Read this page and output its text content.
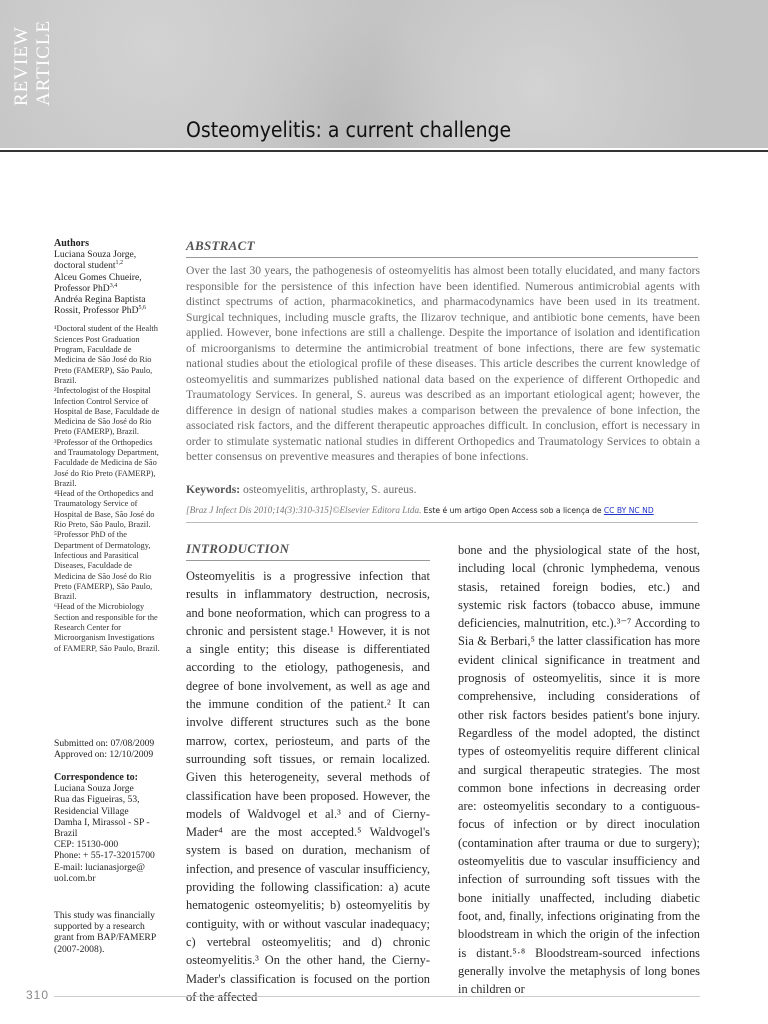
REVIEW ARTICLE
Osteomyelitis: a current challenge

Authors

Luciana Souza Jorge, doctoral student$^{1,2}$

Alceu Gomes Chueire, Professor PhD$^{3,4}$

Andréa Regina Baptista Rossit, Professor PhD$^{5,6}$

¹Doctoral student of the Health Sciences Post Graduation Program, Faculdade de Medicina de São José do Rio Preto (FAMERP), São Paulo, Brazil.

²Infectologist of the Hospital Infection Control Service of Hospital de Base, Faculdade de Medicina de São José do Rio Preto (FAMERP), Brazil.

³Professor of the Orthopedics and Traumatology Department, Faculdade de Medicina de São José do Rio Preto (FAMERP), Brazil.

⁴Head of the Orthopedics and Traumatology Service of Hospital de Base, São José do Rio Preto, São Paulo, Brazil.

⁵Professor PhD of the Department of Dermatology, Infectious and Parasitical Diseases, Faculdade de Medicina de São José do Rio Preto (FAMERP), São Paulo, Brazil.

⁶Head of the Microbiology Section and responsible for the Research Center for Microorganism Investigations of FAMERP, São Paulo, Brazil.

Submitted on: 07/08/2009

Approved on: 12/10/2009

Correspondence to:

Luciana Souza Jorge

Rua das Figueiras, 53,

Residencial Village

Damha I, Mirassol - SP -

Brazil

CEP: 15130-000

Phone: + 55-17-32015700

E-mail: lucianasjorge@

uol.com.br

This study was financially supported by a research grant from BAP/FAMERP (2007-2008).

ABSTRACT
Over the last 30 years, the pathogenesis of osteomyelitis has almost been totally elucidated, and many factors responsible for the persistence of this infection have been identified. Numerous antimicrobial agents with distinct spectrums of action, pharmacokinetics, and pharmacodynamics have been used in its treatment. Surgical techniques, including muscle grafts, the Ilizarov technique, and antibiotic bone cements, have been applied. However, bone infections are still a challenge. Despite the importance of isolation and identification of microorganisms to determine the antimicrobial treatment of bone infections, there are few systematic national studies about the etiological profile of these diseases. This article describes the current knowledge of osteomyelitis and summarizes published national data based on the experience of different Orthopedic and Traumatology Services. In general, S. aureus was described as an important etiological agent; however, the difference in design of national studies makes a comparison between the prevalence of bone infection, the associated risk factors, and the different therapeutic approaches difficult. In conclusion, effort is necessary in order to stimulate systematic national studies in different Orthopedics and Traumatology Services to obtain a better consensus on preventive measures and therapies of bone infections.
Keywords: osteomyelitis, arthroplasty, S. aureus.
[Braz J Infect Dis 2010;14(3):310-315]©Elsevier Editora Ltda. Este é um artigo Open Access sob a licença de CC BY NC ND
INTRODUCTION
Osteomyelitis is a progressive infection that results in inflammatory destruction, necrosis, and bone neoformation, which can progress to a chronic and persistent stage.¹ However, it is not a single entity; this disease is differentiated according to the etiology, pathogenesis, and degree of bone involvement, as well as age and the immune condition of the patient.² It can involve different structures such as the bone marrow, cortex, periosteum, and parts of the surrounding soft tissues, or remain localized. Given this heterogeneity, several methods of classification have been proposed. However, the models of Waldvogel et al.³ and of Cierny-Mader⁴ are the most accepted.⁵ Waldvogel's system is based on duration, mechanism of infection, and presence of vascular insufficiency, providing the following classification: a) acute hematogenic osteomyelitis; b) osteomyelitis by contiguity, with or without vascular inadequacy; c) vertebral osteomyelitis; and d) chronic osteomyelitis.³ On the other hand, the Cierny-Mader's classification is focused on the portion
bone and the physiological state of the host, including local (chronic lymphedema, venous stasis, retained foreign bodies, etc.) and systemic risk factors (tobacco abuse, immune deficiencies, malnutrition, etc.).³⁻⁷ According to Sia & Berbari,⁵ the latter classification has more evident clinical significance in treatment and prognosis of osteomyelitis, since it is more comprehensive, including considerations of other risk factors besides patient's bone injury. Regardless of the model adopted, the distinct types of osteomyelitis require different clinical and surgical therapeutic strategies. The most common bone infections in decreasing order are: osteomyelitis secondary to a contiguous-focus of infection or by direct inoculation (contamination after trauma or due to surgery); osteomyelitis due to vascular insufficiency and infection of surrounding soft tissues with the bone initially unaffected, including diabetic foot, and, finally, infections originating from the bloodstream in which the origin of the infection is distant.⁵·⁸ Bloodstream-sourced infections generally involve the metaphysis of long bones in children or
310
